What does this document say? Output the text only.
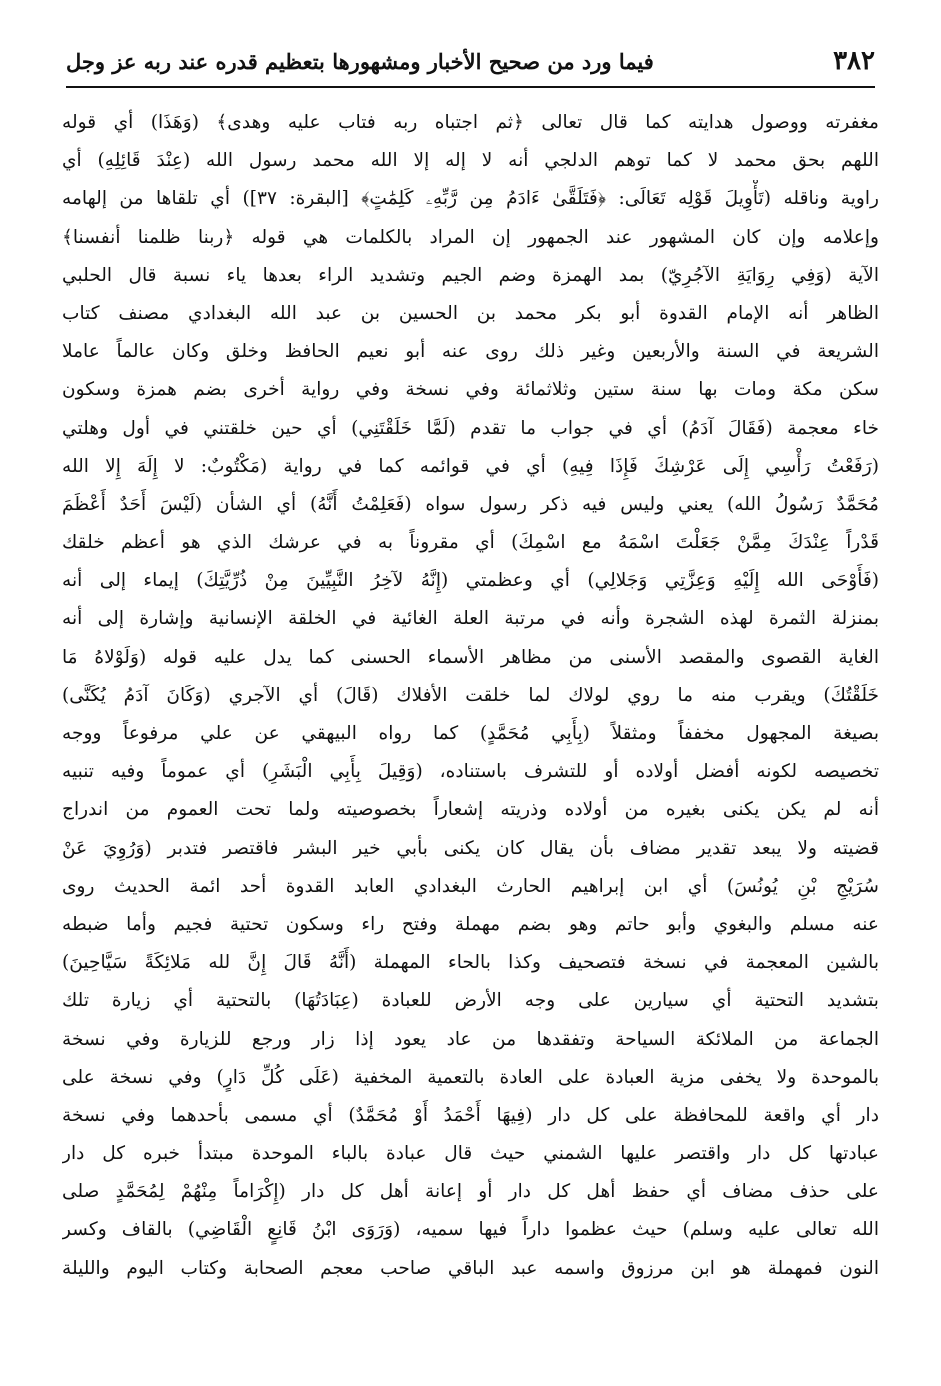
٣٨٢
فيما ورد من صحيح الأخبار ومشهورها بتعظيم قدره عند ربه عز وجل
مغفرته ووصول هدايته كما قال تعالى ﴿ثم اجتباه ربه فتاب عليه وهدى﴾ (وَهَذَا) أي قوله
اللهم بحق محمد لا كما توهم الدلجي أنه لا إله إلا الله محمد رسول الله (عِنْدَ قَائِلِهِ) أي
راوية وناقله (تَأْوِيلَ قَوْلِه تَعَالَى: ﴿فَتَلَقَّىٰ ءَادَمُ مِن رَّبِّهِۦ كَلِمَٰتٍ﴾ [البقرة: ٣٧]) أي تلقاها من إلهامه
وإعلامه وإن كان المشهور عند الجمهور إن المراد بالكلمات هي قوله ﴿ربنا ظلمنا أنفسنا﴾
الآية (وَفِي رِوَايَةِ الآجُرِيّ) بمد الهمزة وضم الجيم وتشديد الراء بعدها ياء نسبة قال الحلبي
الظاهر أنه الإمام القدوة أبو بكر محمد بن الحسين بن عبد الله البغدادي مصنف كتاب
الشريعة في السنة والأربعين وغير ذلك روى عنه أبو نعيم الحافظ وخلق وكان عالماً عاملا
سكن مكة ومات بها سنة ستين وثلاثمائة وفي نسخة وفي رواية أخرى بضم همزة وسكون
خاء معجمة (فَقَالَ آدَمُ) أي في جواب ما تقدم (لَمَّا خَلَقْتَنِي) أي حين خلقتني في أول وهلتي
(رَفَعْتُ رَأْسِي إِلَى عَرْشِكَ فَإِذَا فِيهِ) أي في قوائمه كما في رواية (مَكْتُوبٌ: لا إِلَهَ إِلا الله
مُحَمَّدٌ رَسُولُ الله) يعني وليس فيه ذكر رسول سواه (فَعَلِمْتُ أَنَّهُ) أي الشأن (لَيْسَ أَحَدٌ أَعْظَمَ
قَدْراً عِنْدَكَ مِمَّنْ جَعَلْتَ اسْمَهُ مع اسْمِكَ) أي مقروناً به في عرشك الذي هو أعظم خلقك
(فَأَوْحَى الله إِلَيْهِ وَعِزَّتِي وَجَلالِي) أي وعظمتي (إِنَّهُ لآخِرُ النَّبِيِّينَ مِنْ ذُرِّيَّتِكَ) إيماء إلى أنه
بمنزلة الثمرة لهذه الشجرة وأنه في مرتبة العلة الغائية في الخلقة الإنسانية وإشارة إلى أنه
الغاية القصوى والمقصد الأسنى من مظاهر الأسماء الحسنى كما يدل عليه قوله (وَلَوْلاهُ مَا
خَلَقْتُكَ) ويقرب منه ما روي لولاك لما خلقت الأفلاك (قَالَ) أي الآجري (وَكَانَ آدَمُ يُكَنَّى)
بصيغة المجهول مخففاً ومثقلاً (بِأَبِي مُحَمَّدٍ) كما رواه البيهقي عن علي مرفوعاً ووجه
تخصيصه لكونه أفضل أولاده أو للتشرف باستناده، (وَقِيلَ بِأَبِي الْبَشَرِ) أي عموماً وفيه تنبيه
أنه لم يكن يكنى بغيره من أولاده وذريته إشعاراً بخصوصيته ولما تحت العموم من اندراج
قضيته ولا يبعد تقدير مضاف بأن يقال كان يكنى بأبي خير البشر فاقتصر فتدبر (وَرُوِيَ عَنْ
سُرَيْجِ بْنِ يُونُسَ) أي ابن إبراهيم الحارث البغدادي العابد القدوة أحد ائمة الحديث روى
عنه مسلم والبغوي وأبو حاتم وهو بضم مهملة وفتح راء وسكون تحتية فجيم وأما ضبطه
بالشين المعجمة في نسخة فتصحيف وكذا بالحاء المهملة (أَنَّهُ قَالَ إِنَّ لله مَلائِكَةً سَيَّاحِينَ)
بتشديد التحتية أي سيارين على وجه الأرض للعبادة (عِبَادَتُهَا) بالتحتية أي زيارة تلك
الجماعة من الملائكة السياحة وتفقدها من عاد يعود إذا زار ورجع للزيارة وفي نسخة
بالموحدة ولا يخفى مزية العبادة على العادة بالتعمية المخفية (عَلَى كُلِّ دَارٍ) وفي نسخة على
دار أي واقعة للمحافظة على كل دار (فِيهَا أَحْمَدُ أَوْ مُحَمَّدٌ) أي مسمى بأحدهما وفي نسخة
عبادتها كل دار واقتصر عليها الشمني حيث قال عبادة بالباء الموحدة مبتدأ خبره كل دار
على حذف مضاف أي حفظ أهل كل دار أو إعانة أهل كل دار (إِكْرَاماً مِنْهُمْ لِمُحَمَّدٍ صلى
الله تعالى عليه وسلم) حيث عظموا داراً فيها سميه، (وَرَوَى ابْنُ قَانِعٍ الْقَاضِي) بالقاف وكسر
النون فمهملة هو ابن مرزوق واسمه عبد الباقي صاحب معجم الصحابة وكتاب اليوم والليلة
